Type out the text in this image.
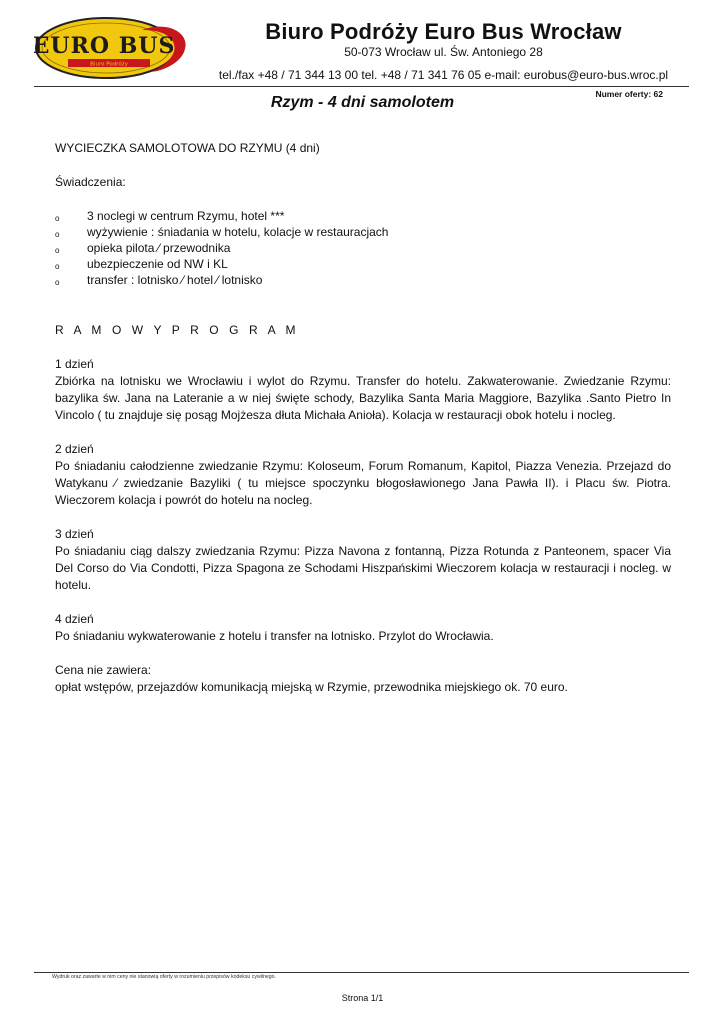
EURO BUS
Biuro Podróży
Biuro Podróży Euro Bus Wrocław
50-073 Wrocław ul. Św. Antoniego 28
tel./fax +48 / 71 344 13 00 tel. +48 / 71 341 76 05 e-mail: eurobus@euro-bus.wroc.pl
Numer oferty: 62
Rzym - 4 dni samolotem

WYCIECZKA SAMOLOTOWA DO RZYMU (4 dni)

Świadczenia:

o 3 noclegi w centrum Rzymu, hotel ***
o wyżywienie : śniadania w hotelu, kolacje w restauracjach
o opieka pilota ⁄ przewodnika
o ubezpieczenie od NW i KL
o transfer : lotnisko ⁄ hotel ⁄ lotnisko

R A M O W Y P R O G R A M

1 dzień

Zbiórka na lotnisku we Wrocławiu i wylot do Rzymu. Transfer do hotelu. Zakwaterowanie. Zwiedzanie Rzymu: bazylika św. Jana na Lateranie a w niej święte schody, Bazylika Santa Maria Maggiore, Bazylika .Santo Pietro In Vincolo ( tu znajduje się posąg Mojżesza dłuta Michała Anioła). Kolacja w restauracji obok hotelu i nocleg.

2 dzień

Po śniadaniu całodzienne zwiedzanie Rzymu: Koloseum, Forum Romanum, Kapitol, Piazza Venezia. Przejazd do Watykanu ⁄ zwiedzanie Bazyliki ( tu miejsce spoczynku błogosławionego Jana Pawła II). i Placu św. Piotra. Wieczorem kolacja i powrót do hotelu na nocleg.

3 dzień

Po śniadaniu ciąg dalszy zwiedzania Rzymu: Pizza Navona z fontanną, Pizza Rotunda z Panteonem, spacer Via Del Corso do Via Condotti, Pizza Spagona ze Schodami Hiszpańskimi Wieczorem kolacja w restauracji i nocleg. w hotelu.

4 dzień

Po śniadaniu wykwaterowanie z hotelu i transfer na lotnisko. Przylot do Wrocławia.

Cena nie zawiera:

opłat wstępów, przejazdów komunikacją miejską w Rzymie, przewodnika miejskiego ok. 70 euro.

Wydruk oraz zawarte w nim ceny nie stanowią oferty w rozumieniu przepisów kodeksu cywilnego.
Strona 1/1
